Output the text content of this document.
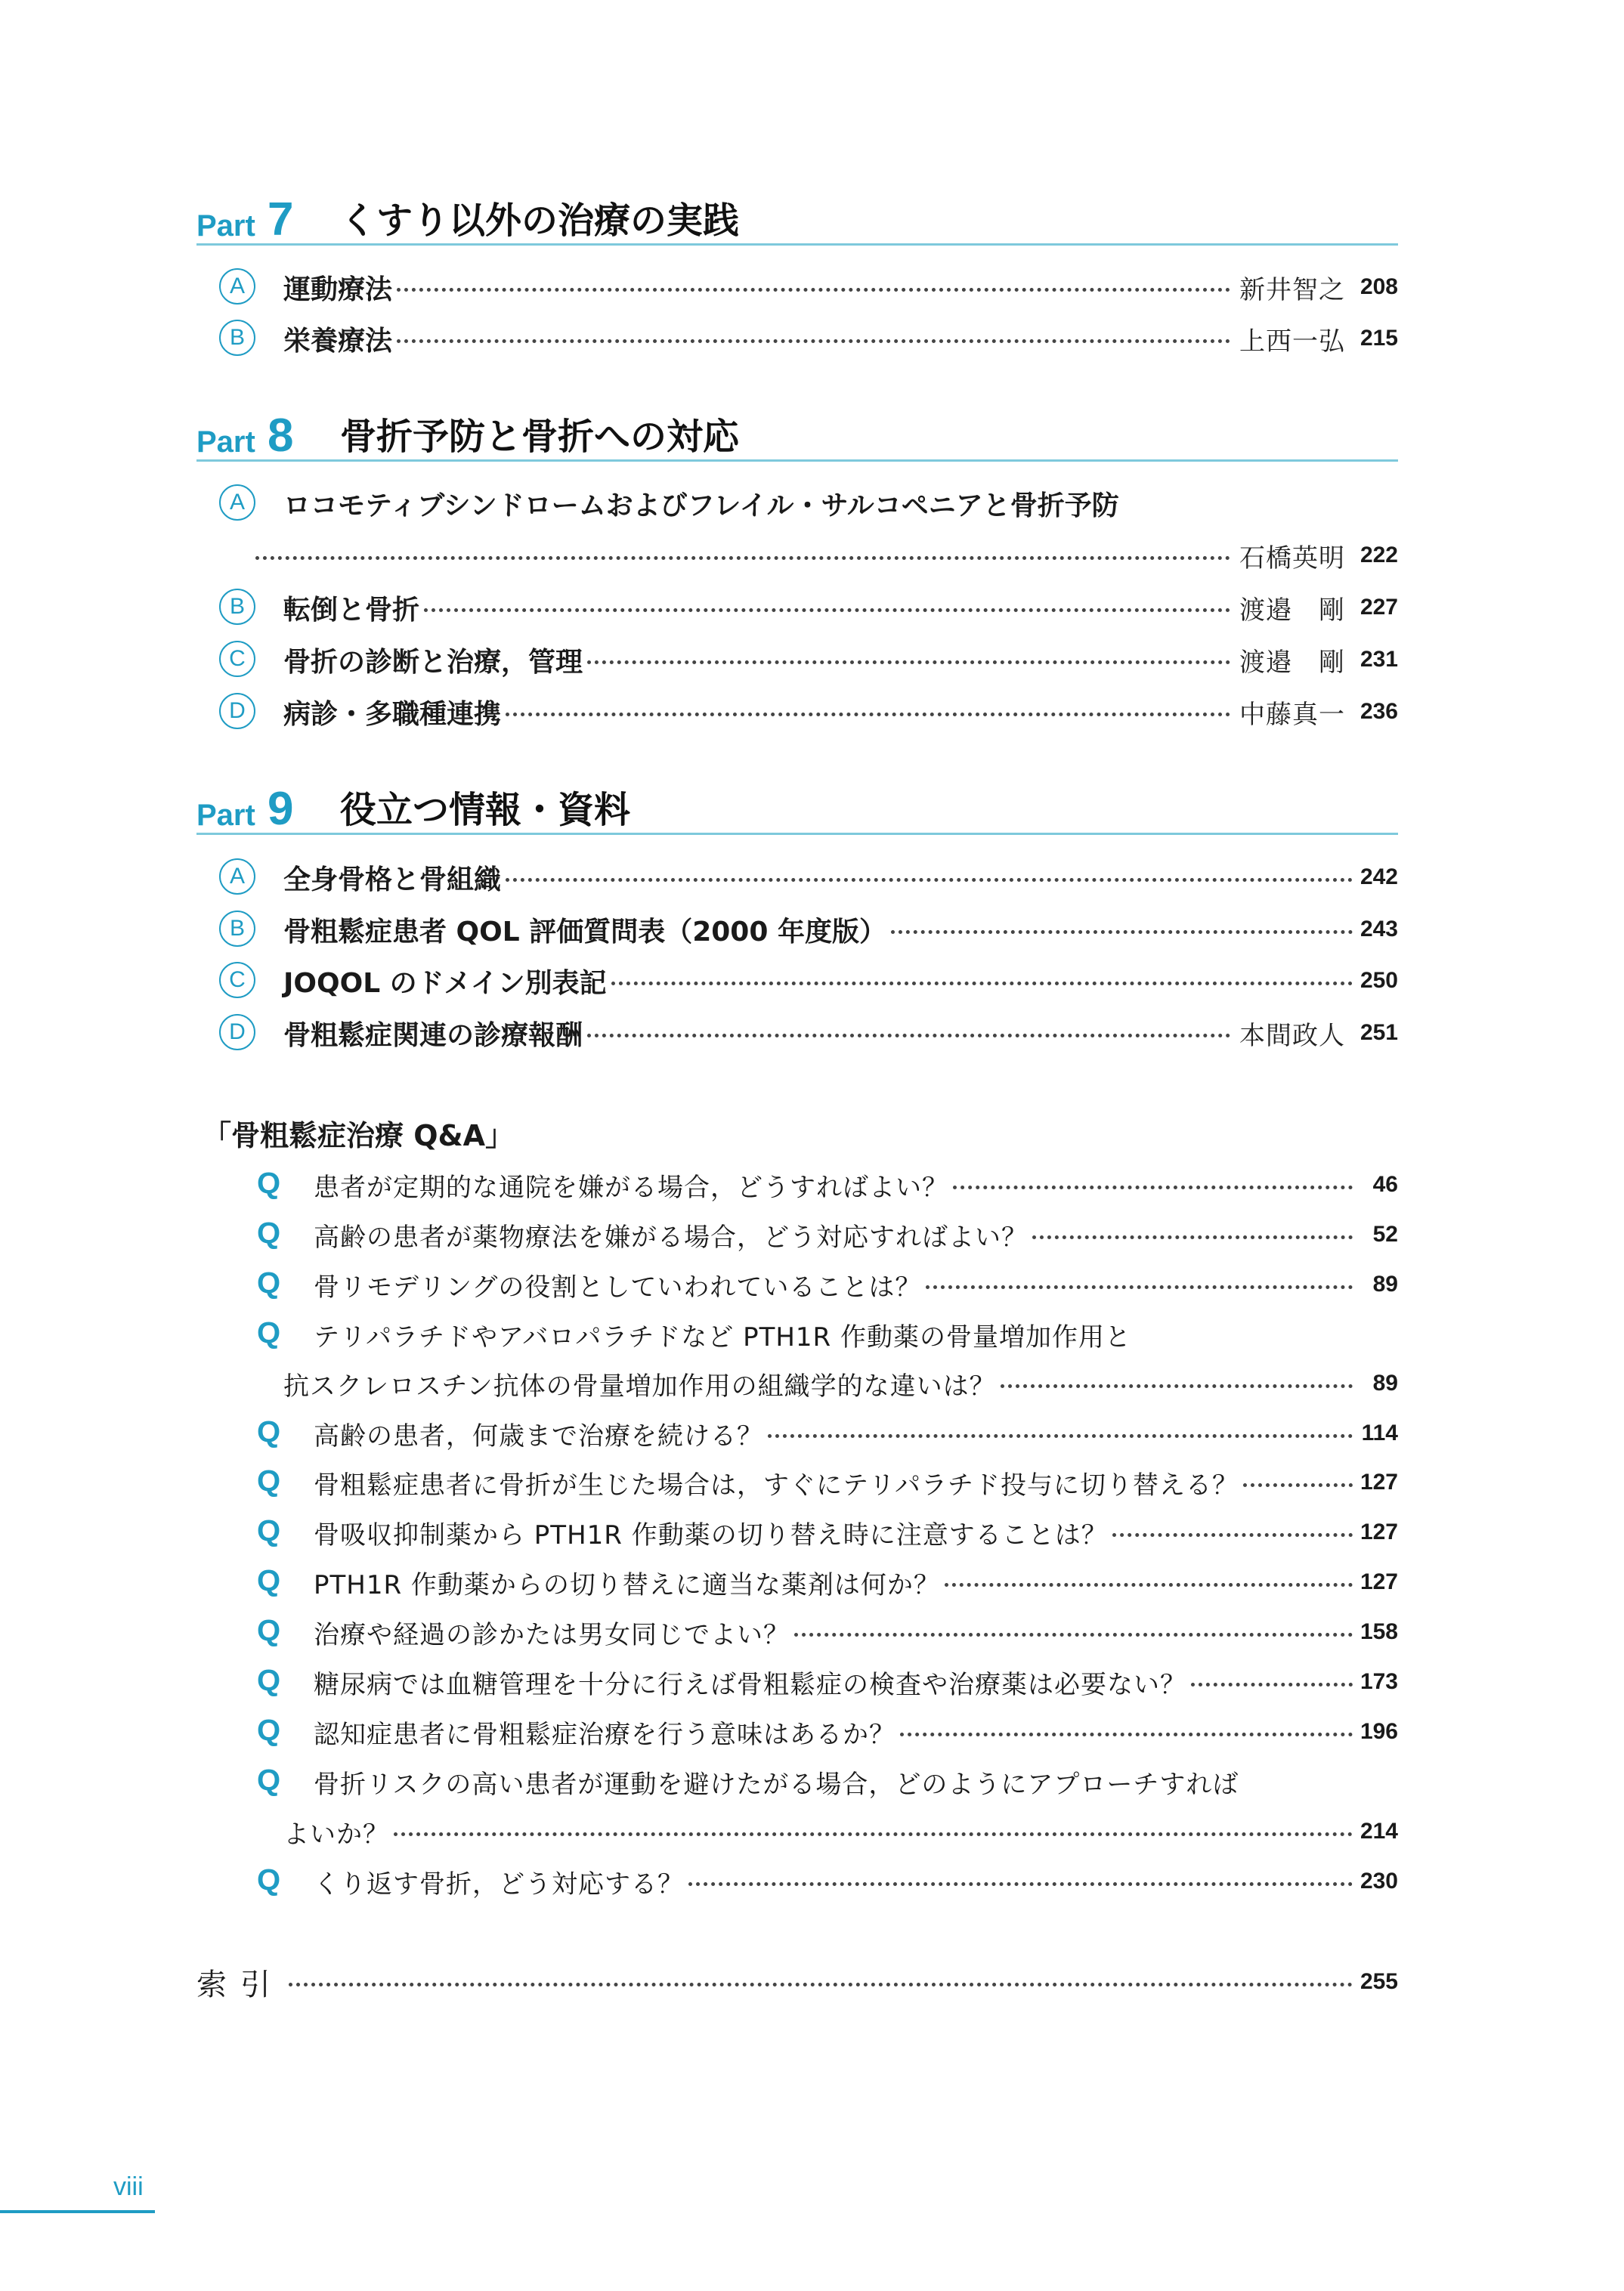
Part 7 くすり以外の治療の実践
A	運動療法	新井智之 208
B	栄養療法	上西一弘 215
Part 8 骨折予防と骨折への対応
A	ロコモティブシンドロームおよびフレイル・サルコペニアと骨折予防
石橋英明 222
B	転倒と骨折	渡邉　剛 227
C	骨折の診断と治療，管理	渡邉　剛 231
D	病診・多職種連携	中藤真一 236
Part 9 役立つ情報・資料
A	全身骨格と骨組織	242
B	骨粗鬆症患者 QOL 評価質問表（2000 年度版）	243
C	JOQOL のドメイン別表記	250
D	骨粗鬆症関連の診療報酬	本間政人 251
「骨粗鬆症治療 Q&A」
Q 患者が定期的な通院を嫌がる場合，どうすればよい？	46
Q 高齢の患者が薬物療法を嫌がる場合，どう対応すればよい？	52
Q 骨リモデリングの役割としていわれていることは？	89
Q テリパラチドやアバロパラチドなど PTH1R 作動薬の骨量増加作用と
抗スクレロスチン抗体の骨量増加作用の組織学的な違いは？	89
Q 高齢の患者，何歳まで治療を続ける？	114
Q 骨粗鬆症患者に骨折が生じた場合は，すぐにテリパラチド投与に切り替える？	127
Q 骨吸収抑制薬から PTH1R 作動薬の切り替え時に注意することは？	127
Q PTH1R 作動薬からの切り替えに適当な薬剤は何か？	127
Q 治療や経過の診かたは男女同じでよい？	158
Q 糖尿病では血糖管理を十分に行えば骨粗鬆症の検査や治療薬は必要ない？	173
Q 認知症患者に骨粗鬆症治療を行う意味はあるか？	196
Q 骨折リスクの高い患者が運動を避けたがる場合，どのようにアプローチすれば
よいか？	214
Q くり返す骨折，どう対応する？	230
索引	255
viii
